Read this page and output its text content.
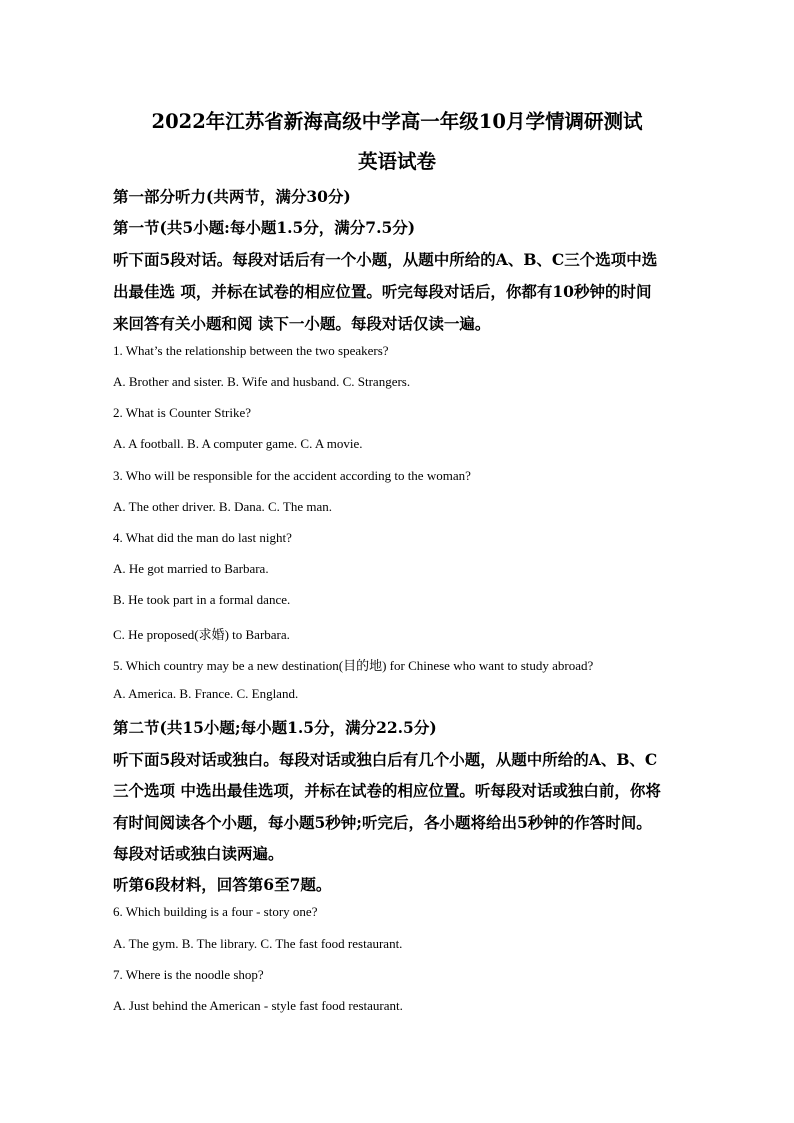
2022年江苏省新海高级中学高一年级10月学情调研测试
英语试卷
第一部分听力(共两节，满分30分)
第一节(共5小题:每小题1.5分，满分7.5分)
听下面5段对话。每段对话后有一个小题，从题中所给的A、B、C三个选项中选
出最佳选 项，并标在试卷的相应位置。听完每段对话后，你都有10秒钟的时间
来回答有关小题和阅 读下一小题。每段对话仅读一遍。
1. What’s the relationship between the two speakers?
A. Brother and sister. B. Wife and husband. C. Strangers.
2. What is Counter Strike?
A. A football. B. A computer game. C. A movie.
3. Who will be responsible for the accident according to the woman?
A. The other driver. B. Dana. C. The man.
4. What did the man do last night?
A. He got married to Barbara.
B. He took part in a formal dance.
C. He proposed(求婚) to Barbara.
5. Which country may be a new destination(目的地) for Chinese who want to study abroad?
A. America. B. France. C. England.
第二节(共15小题;每小题1.5分，满分22.5分)
听下面5段对话或独白。每段对话或独白后有几个小题，从题中所给的A、B、C
三个选项 中选出最佳选项，并标在试卷的相应位置。听每段对话或独白前，你将
有时间阅读各个小题，每小题5秒钟;听完后，各小题将给出5秒钟的作答时间。
每段对话或独白读两遍。
听第6段材料，回答第6至7题。
6. Which building is a four - story one?
A. The gym. B. The library. C. The fast food restaurant.
7. Where is the noodle shop?
A. Just behind the American - style fast food restaurant.
